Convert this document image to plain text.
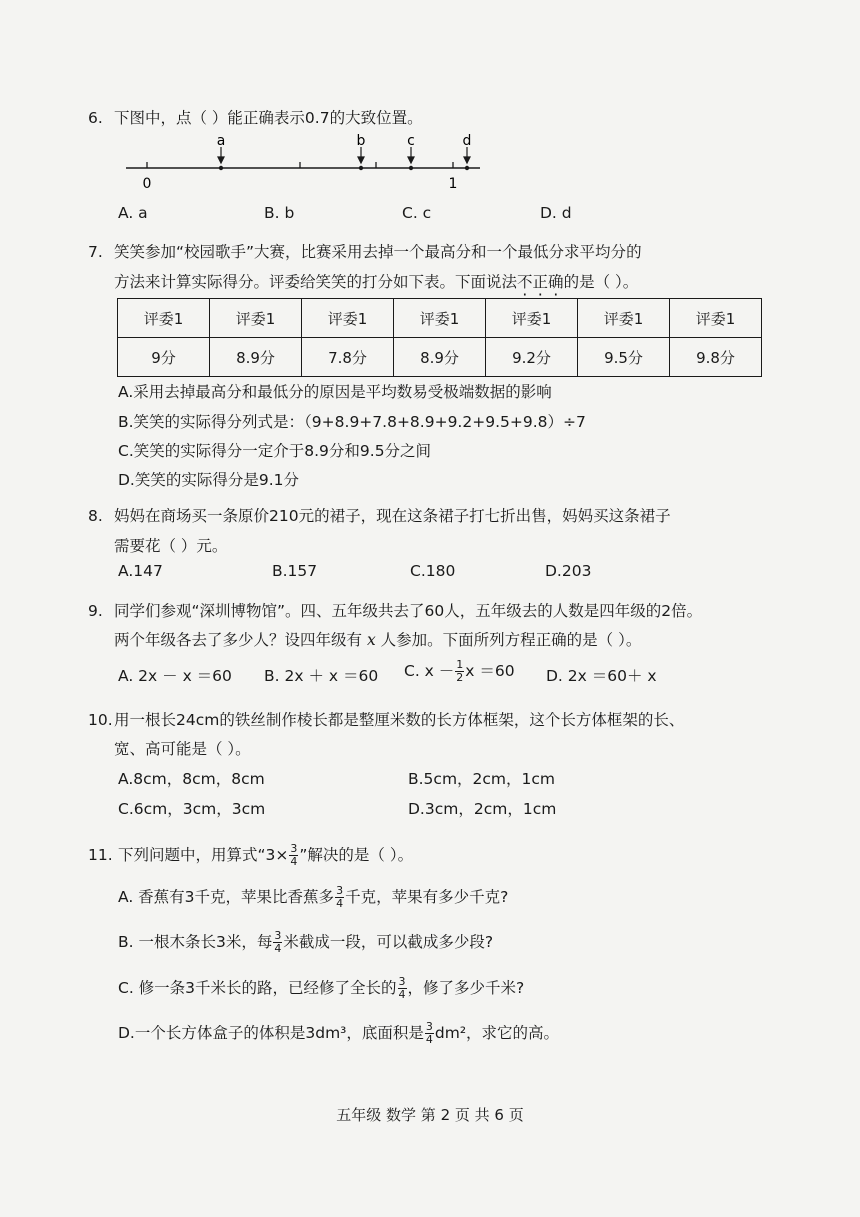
6. 下图中，点（ ）能正确表示0.7的大致位置。
a	b	c	d
0	1
A. a	B. b	C. c	D. d
7. 笑笑参加“校园歌手”大赛，比赛采用去掉一个最高分和一个最低分求平均分的
方法来计算实际得分。评委给笑笑的打分如下表。下面说法不正确的是（ ）。
评委1	评委1	评委1	评委1	评委1	评委1	评委1
9分	8.9分	7.8分	8.9分	9.2分	9.5分	9.8分
A.采用去掉最高分和最低分的原因是平均数易受极端数据的影响
B.笑笑的实际得分列式是：（9+8.9+7.8+8.9+9.2+9.5+9.8）÷7
C.笑笑的实际得分一定介于8.9分和9.5分之间
D.笑笑的实际得分是9.1分
8. 妈妈在商场买一条原价210元的裙子，现在这条裙子打七折出售，妈妈买这条裙子
需要花（ ）元。
A.147	B.157	C.180	D.203
9. 同学们参观“深圳博物馆”。四、五年级共去了60人，五年级去的人数是四年级的2倍。
两个年级各去了多少人？设四年级有 x 人参加。下面所列方程正确的是（ ）。
A. 2x － x ＝60 B. 2x ＋ x ＝60 C. $x - \frac{1}{2}$ x ＝60 D. 2x ＝60＋ x
10.用一根长24cm的铁丝制作棱长都是整厘米数的长方体框架，这个长方体框架的长、
宽、高可能是（ ）。
A.8cm，8cm，8cm	B.5cm，2cm，1cm
C.6cm，3cm，3cm	D.3cm，2cm，1cm
11. 下列问题中，用算式“$3\times \frac{3}{4}$ ”解决的是（ ）。
A. 香蕉有3千克，苹果比香蕉多 $\frac{3}{4}$ 千克，苹果有多少千克?
B. 一根木条长3米，每 $\frac{3}{4}$ 米截成一段，可以截成多少段?
C. 修一条3千米长的路，已经修了全长的 $\frac{3}{4}$ ，修了多少千米?
D.一个长方体盒子的体积是3dm³，底面积是 $\frac{3}{4} dm^2$，求它的高。
五年级 数学 第 2 页 共 6 页
